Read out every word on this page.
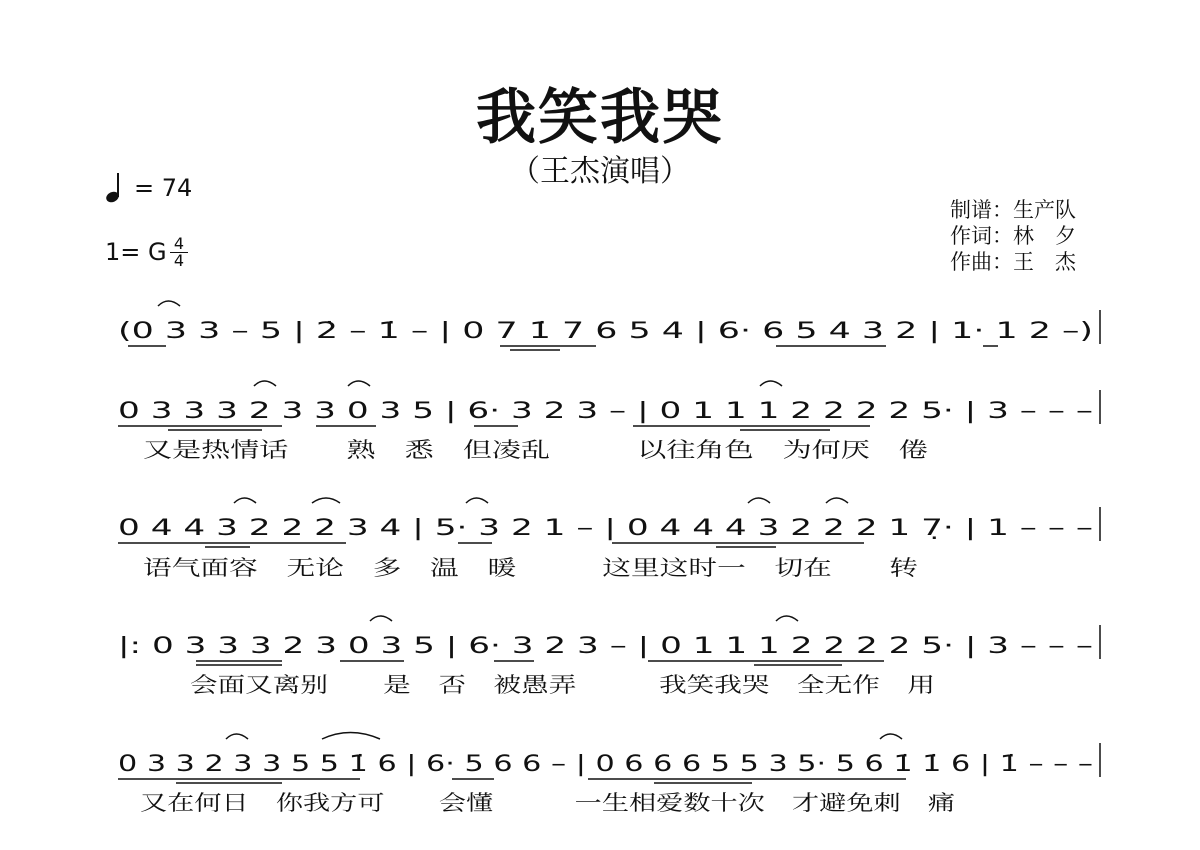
我笑我哭
（王杰演唱）
= 74
1= G 4
4
制谱：生产队
作词：林　夕
作曲：王　杰
(0 3 3 – 5 | 2̇ – 1̇ – | 0 7 1̇ 7 6 5 4 | 6· 6 5 4 3 2 | 1· 1 2 –)
0 3 3 3 2 3 3 0 3 5 | 6· 3 2 3 – | 0 1 1 1 2 2 2 2 5· | 3 – – –
又是热情话　　熟　悉　但凌乱　　　以往角色　为何厌　倦
0 4 4 3 2 2 2 3 4 | 5· 3 2 1 – | 0 4 4 4 3 2 2 2 1 7̣· | 1 – – –
语气面容　无论　多　温　暖　　　这里这时一　切在　　转
|: 0 3 3 3 2 3 0 3 5 | 6· 3 2 3 – | 0 1 1 1 2 2 2 2 5· | 3 – – –
会面又离别　　是　否　被愚弄　　　我笑我哭　全无作　用
0 3 3 2 3 3 5 5 1̇ 6 | 6· 5 6 6 – | 0 6 6 6 5 5 3 5· 5 6 1̇ 1̇ 6 | 1̇ – – –
又在何日　你我方可　　会懂　　　一生相爱数十次　才避免刺　痛
